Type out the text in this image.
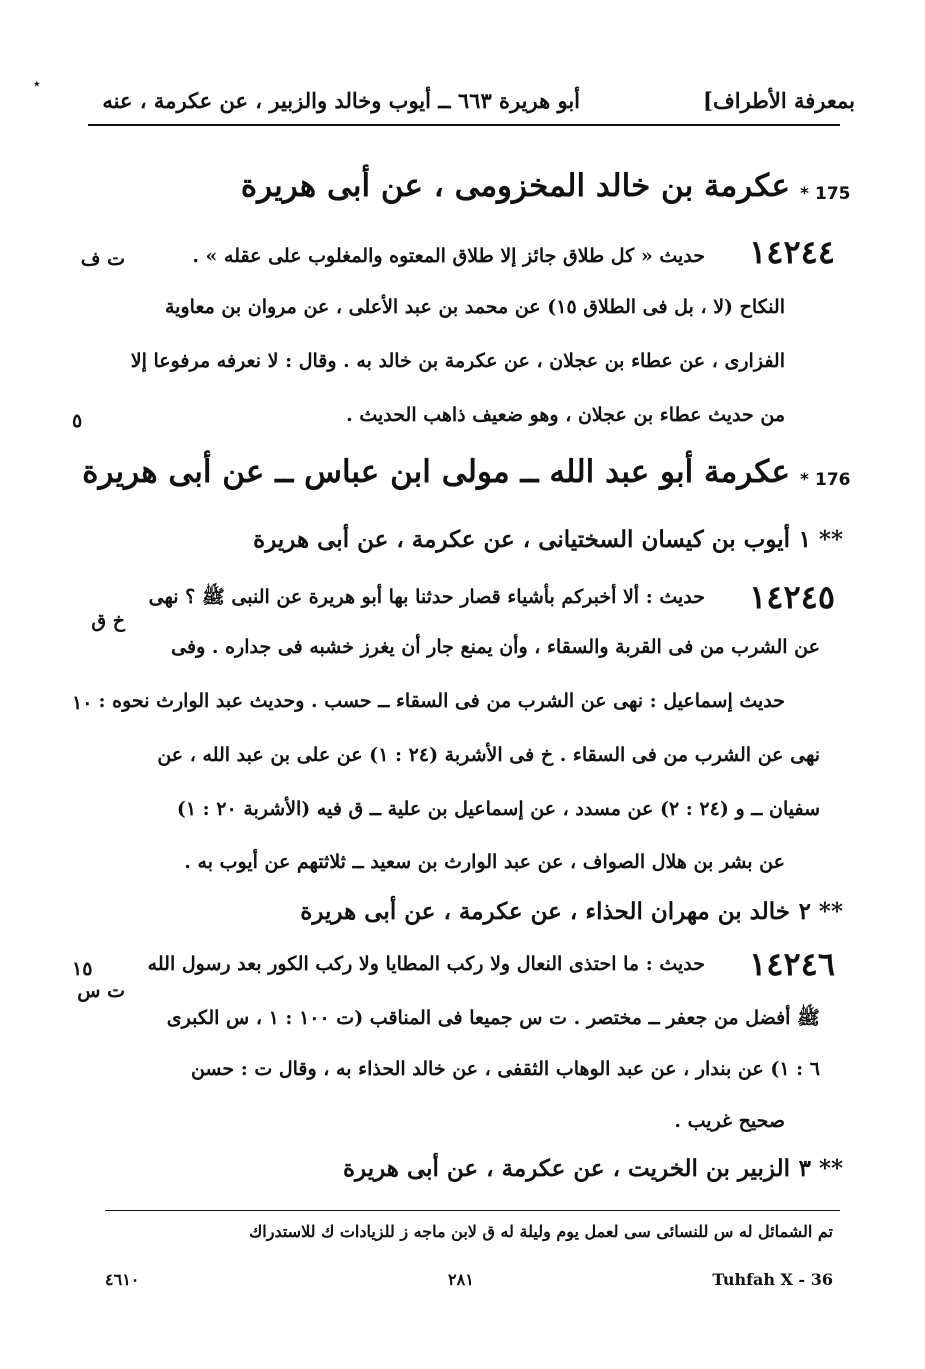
بمعرفة الأطراف]
أبو هريرة ٦٦٣ ــ أيوب وخالد والزبير ، عن عكرمة ، عنه
٭
175
*
عكرمة بن خالد المخزومى ، عن أبى هريرة
١٤٢٤٤
ت ف	حديث « كل طلاق جائز إلا طلاق المعتوه والمغلوب على عقله » .
النكاح (لا ، بل فى الطلاق ١٥) عن محمد بن عبد الأعلى ، عن مروان بن معاوية
الفزارى ، عن عطاء بن عجلان ، عن عكرمة بن خالد به . وقال : لا نعرفه مرفوعا إلا
من حديث عطاء بن عجلان ، وهو ضعيف ذاهب الحديث .
٥
176
*
عكرمة أبو عبد الله ــ مولى ابن عباس ــ عن أبى هريرة
١ **
أيوب بن كيسان السختيانى ، عن عكرمة ، عن أبى هريرة
١٤٢٤٥
خ ق
حديث : ألا أخبركم بأشياء قصار حدثنا بها أبو هريرة عن النبى ﷺ ؟ نهى
عن الشرب من فى القربة والسقاء ، وأن يمنع جار أن يغرز خشبه فى جداره . وفى
حديث إسماعيل : نهى عن الشرب من فى السقاء ــ حسب . وحديث عبد الوارث نحوه :
١٠
نهى عن الشرب من فى السقاء . خ فى الأشربة (٢٤ : ١) عن على بن عبد الله ، عن
سفيان ــ و (٢٤ : ٢) عن مسدد ، عن إسماعيل بن علية ــ ق فيه (الأشربة ٢٠ : ١)
عن بشر بن هلال الصواف ، عن عبد الوارث بن سعيد ــ ثلاثتهم عن أيوب به .
٢ **
خالد بن مهران الحذاء ، عن عكرمة ، عن أبى هريرة
١٤٢٤٦
ت س
حديث : ما احتذى النعال ولا ركب المطايا ولا ركب الكور بعد رسول الله
١٥
ﷺ أفضل من جعفر ــ مختصر . ت س جميعا فى المناقب (ت ١٠٠ : ١ ، س الكبرى
٦ : ١) عن بندار ، عن عبد الوهاب الثقفى ، عن خالد الحذاء به ، وقال ت : حسن
صحيح غريب .
٣ **
الزبير بن الخريت ، عن عكرمة ، عن أبى هريرة
تم الشمائل له س للنسائى سى لعمل يوم وليلة له ق لابن ماجه ز للزيادات ك للاستدراك
٤٦١٠	٢٨١	Tuhfah X - 36
